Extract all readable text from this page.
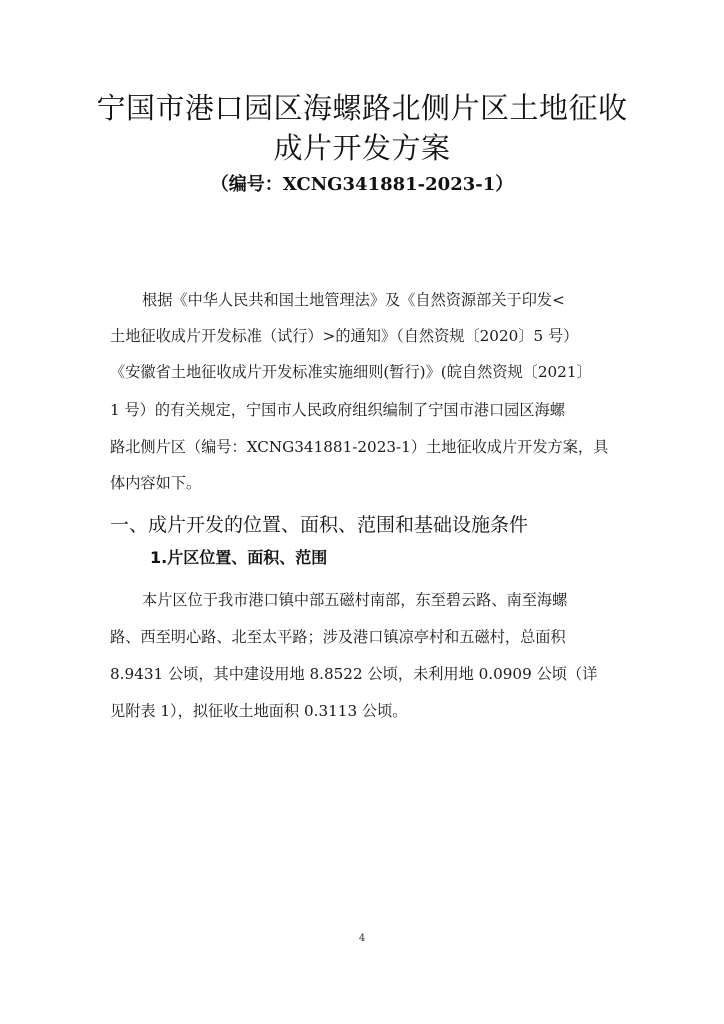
宁国市港口园区海螺路北侧片区土地征收
成片开发方案
（编号：XCNG341881-2023-1）
根据《中华人民共和国土地管理法》及《自然资源部关于印发<
土地征收成片开发标准（试行）>的通知》（自然资规〔2020〕5 号）
《安徽省土地征收成片开发标准实施细则(暂行)》(皖自然资规〔2021〕
1 号）的有关规定，宁国市人民政府组织编制了宁国市港口园区海螺
路北侧片区（编号：XCNG341881-2023-1）土地征收成片开发方案，具
体内容如下。
一、成片开发的位置、面积、范围和基础设施条件
1.片区位置、面积、范围
本片区位于我市港口镇中部五磁村南部，东至碧云路、南至海螺
路、西至明心路、北至太平路；涉及港口镇凉亭村和五磁村，总面积
8.9431 公顷，其中建设用地 8.8522 公顷，未利用地 0.0909 公顷（详
见附表 1），拟征收土地面积 0.3113 公顷。
4
